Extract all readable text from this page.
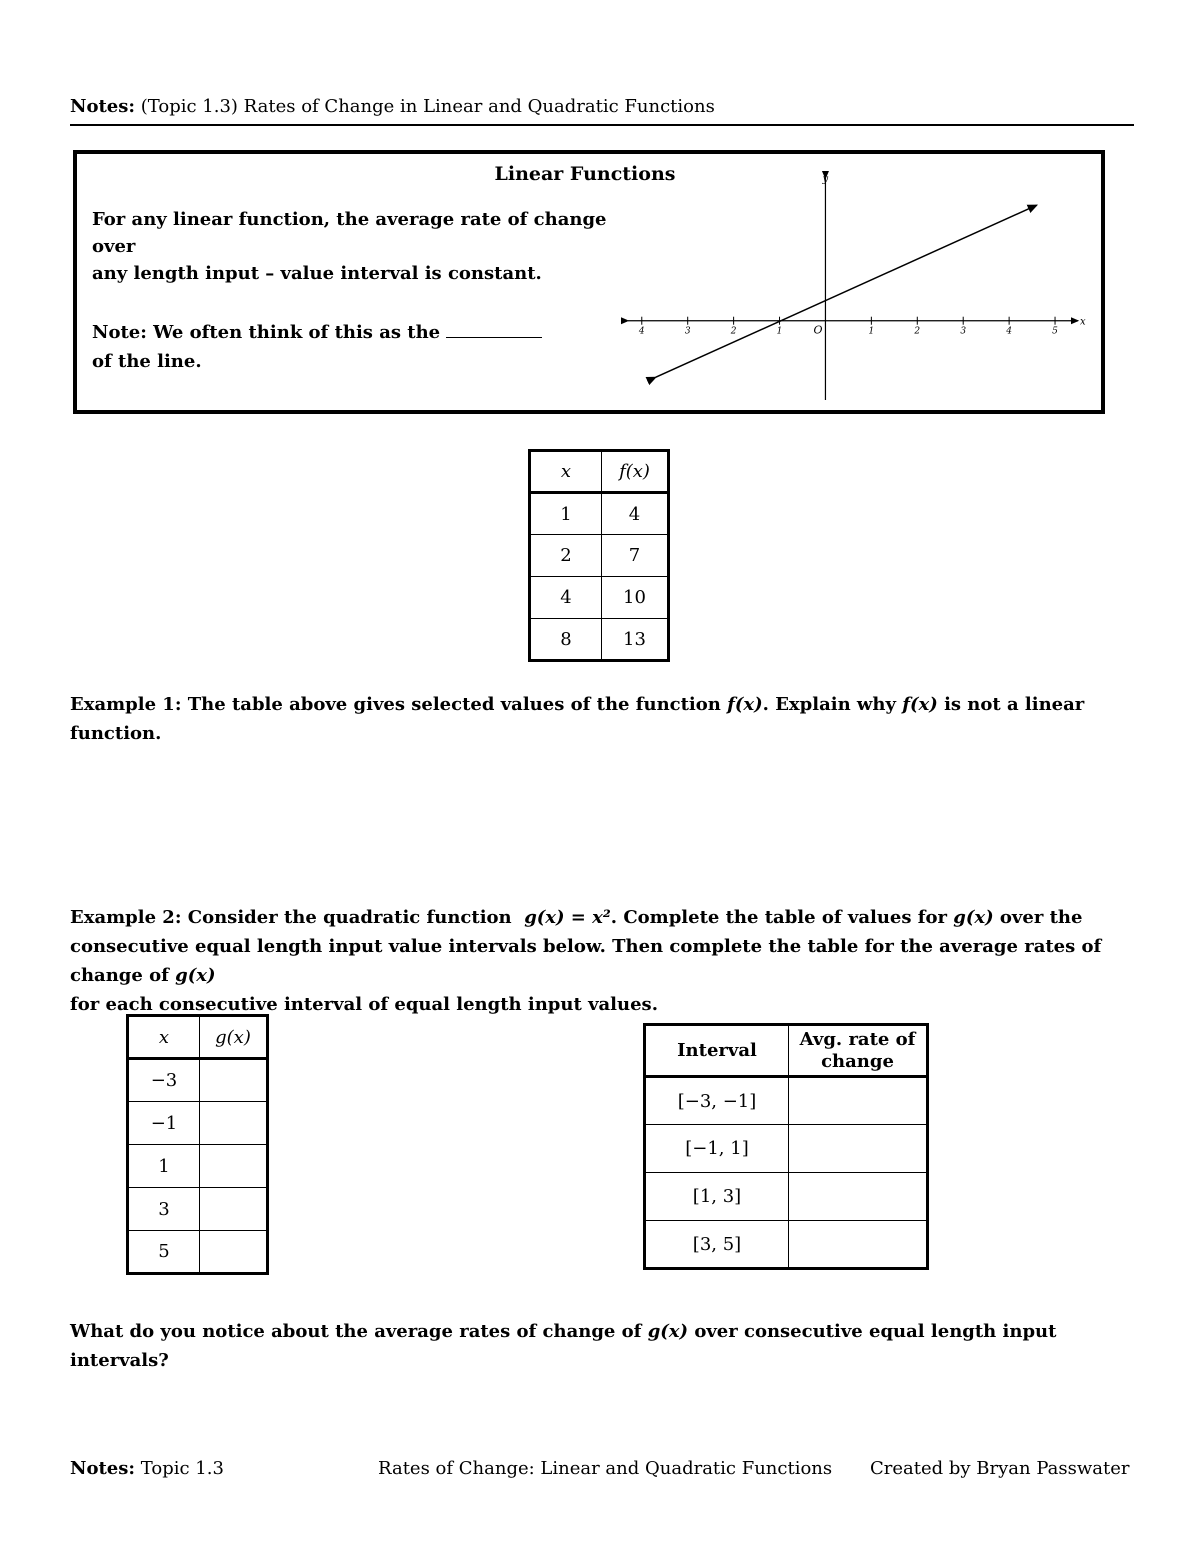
Notes: (Topic 1.3) Rates of Change in Linear and Quadratic Functions
Linear Functions
For any linear function, the average rate of change over
any length input – value interval is constant.
Note: We often think of this as the
of the line.
4	3	2	1	1	2	3	4	5
x
y
O
x	f(x)
1	4
2	7
4	10
8	13
Example 1: The table above gives selected values of the function f(x). Explain why f(x) is not a linear function.
Example 2: Consider the quadratic function g(x) = x². Complete the table of values for g(x) over the
consecutive equal length input value intervals below. Then complete the table for the average rates of change of g(x)
for each consecutive interval of equal length input values.
x	g(x)
−3	
−1	
1	
3	
5	
Interval	Avg. rate of change
[−3, −1]	
[−1, 1]	
[1, 3]	
[3, 5]	
What do you notice about the average rates of change of g(x) over consecutive equal length input intervals?
Notes: Topic 1.3	Rates of Change: Linear and Quadratic Functions Created by Bryan Passwater
